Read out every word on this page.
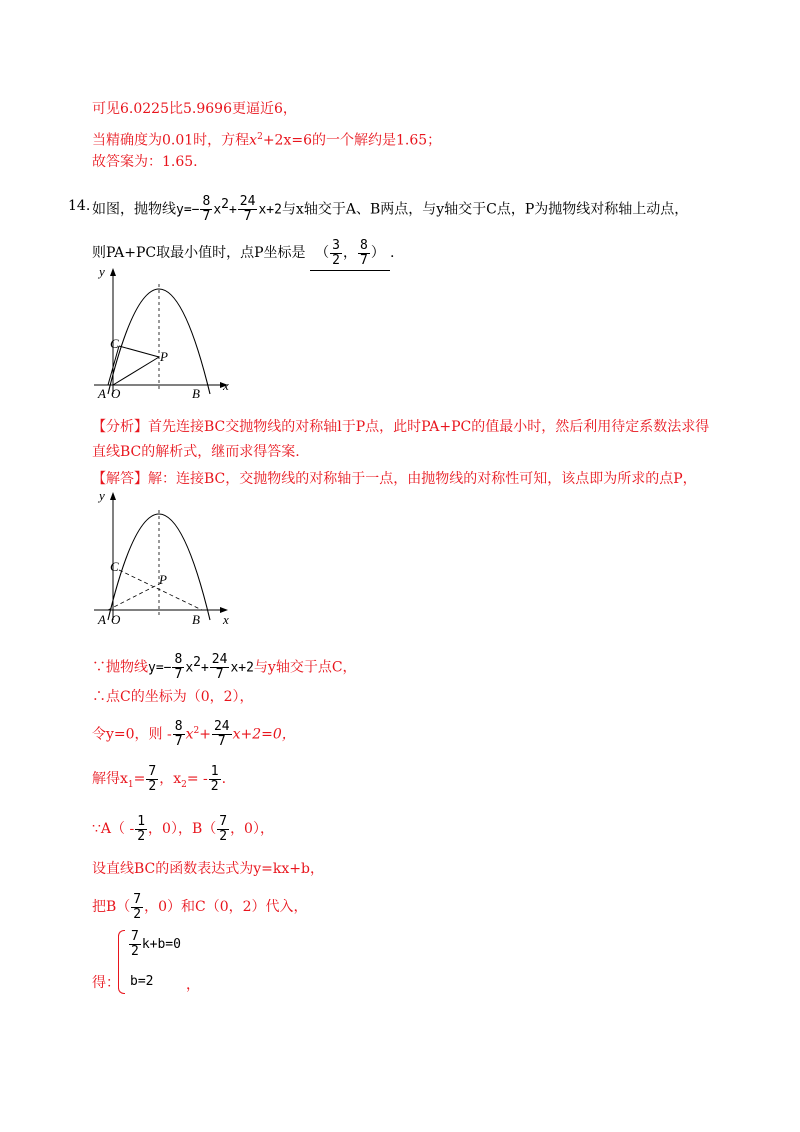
可见6.0225比5.9696更逼近6，
当精确度为0.01时，方程$x^2+2x=6$的一个解约是1.65；
故答案为：1.65.
14. 如图，抛物线$y=- \frac{8}{7} x^2+ \frac{24}{7} x+2$与x轴交于A、B两点，与y轴交于C点，P为抛物线对称轴上动点，
则PA+PC取最小值时，点P坐标是 （ $\frac{3}{2}$ ， $\frac{8}{7}$ ） .
y
x
C
P
A O	B
【分析】首先连接BC交抛物线的对称轴l于P点，此时PA+PC的值最小时，然后利用待定系数法求得
直线BC的解析式，继而求得答案.
【解答】解：连接BC，交抛物线的对称轴于一点，由抛物线的对称性可知，该点即为所求的点P，
y
x
C
P
A O	B
∵抛物线$y=- \frac{8}{7} x^2+ \frac{24}{7} x+2$与y轴交于点C，
∴点C的坐标为（0，2），
令y=0，则 - $\frac{8}{7} x^2+ \frac{24}{7} x+2=0$，
解得$x_1= \frac{7}{2}$ ，$x_2= - \frac{1}{2}$ .
∵A（ - $\frac{1}{2}$ ，0），$B( \frac{7}{2}$ ，0），
设直线BC的函数表达式为y=kx+b，
把$B( \frac{7}{2}$ ，0）和C（0，2）代入，
$\frac{7}{2} k+b=0$
b=2
得：	，
